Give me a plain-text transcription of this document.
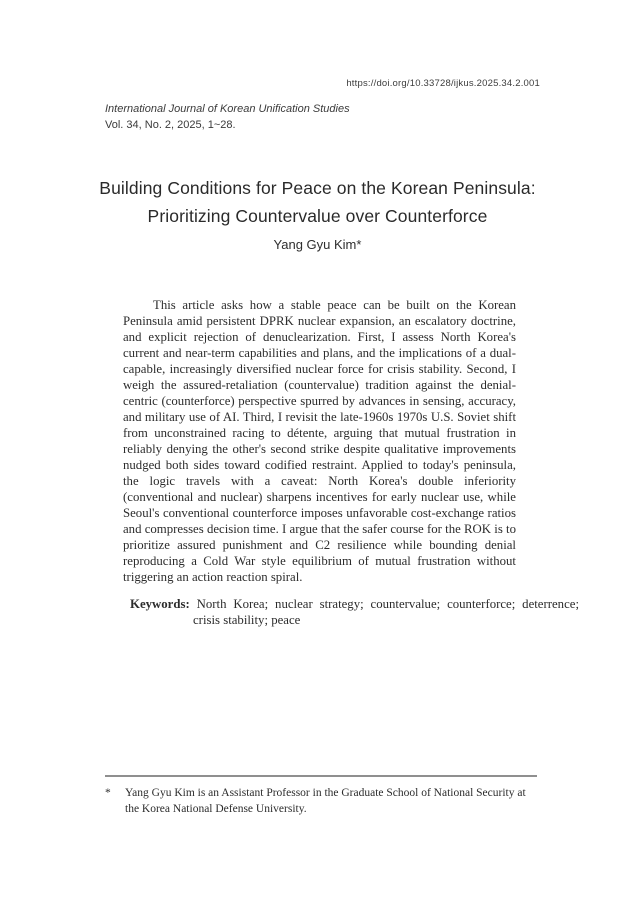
https://doi.org/10.33728/ijkus.2025.34.2.001
International Journal of Korean Unification Studies
Vol. 34, No. 2, 2025, 1~28.
Building Conditions for Peace on the Korean Peninsula:
Prioritizing Countervalue over Counterforce
Yang Gyu Kim*

This article asks how a stable peace can be built on the Korean Peninsula amid persistent DPRK nuclear expansion, an escalatory doctrine, and explicit rejection of denuclearization. First, I assess North Korea's current and near-term capabilities and plans, and the implications of a dual-capable, increasingly diversified nuclear force for crisis stability. Second, I weigh the assured-retaliation (countervalue) tradition against the denial-centric (counterforce) perspective spurred by advances in sensing, accuracy, and military use of AI. Third, I revisit the late-1960s 1970s U.S. Soviet shift from unconstrained racing to détente, arguing that mutual frustration in reliably denying the other's second strike despite qualitative improvements nudged both sides toward codified restraint. Applied to today's peninsula, the logic travels with a caveat: North Korea's double inferiority (conventional and nuclear) sharpens incentives for early nuclear use, while Seoul's conventional counterforce imposes unfavorable cost-exchange ratios and compresses decision time. I argue that the safer course for the ROK is to prioritize assured punishment and C2 resilience while bounding denial reproducing a Cold War style equilibrium of mutual frustration without triggering an action reaction spiral.

Keywords: North Korea; nuclear strategy; countervalue; counterforce; deterrence; crisis stability; peace

*	Yang Gyu Kim is an Assistant Professor in the Graduate School of National Security at the Korea National Defense University.
